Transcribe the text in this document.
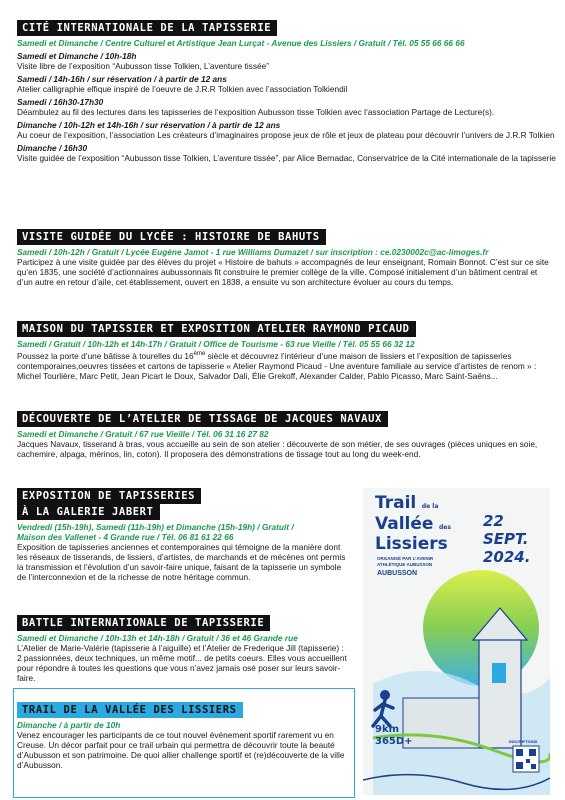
CITÉ INTERNATIONALE DE LA TAPISSERIE
Samedi et Dimanche / Centre Culturel et Artistique Jean Lurçat - Avenue des Lissiers / Gratuit / Tél. 05 55 66 66 66
Samedi et Dimanche / 10h-18h
Visite libre de l’exposition “Aubusson tisse Tolkien, L’aventure tissée”
Samedi / 14h-16h / sur réservation / à partir de 12 ans
Atelier calligraphie elfique inspiré de l’oeuvre de J.R.R Tolkien avec l’association Tolkiendil
Samedi / 16h30-17h30
Déambulez au fil des lectures dans les tapisseries de l’exposition Aubusson tisse Tolkien avec l’association Partage de Lecture(s).
Dimanche / 10h-12h et 14h-16h / sur réservation / à partir de 12 ans
Au coeur de l’exposition, l’association Les créateurs d’imaginaires propose jeux de rôle et jeux de plateau pour découvrir l’univers de J.R.R Tolkien
Dimanche / 16h30
Visite guidée de l’exposition “Aubusson tisse Tolkien, L’aventure tissée”, par Alice Bernadac, Conservatrice de la Cité internationale de la tapisserie
VISITE GUIDÉE DU LYCÉE : HISTOIRE DE BAHUTS
Samedi / 10h-12h / Gratuit / Lycée Eugène Jamot - 1 rue Williams Dumazet / sur inscription : ce.0230002c@ac-limoges.fr
Participez à une visite guidée par des élèves du projet « Histoire de bahuts » accompagnés de leur enseignant, Romain Bonnot. C’est sur ce site qu’en 1835, une société d’actionnaires aubussonnais fit construire le premier collège de la ville. Composé initialement d’un bâtiment central et d’un autre en retour d’aile, cet établissement, ouvert en 1838, a ensuite vu son architecture évoluer au cours du temps.
MAISON DU TAPISSIER ET EXPOSITION ATELIER RAYMOND PICAUD
Samedi / Gratuit / 10h-12h et 14h-17h / Gratuit / Office de Tourisme - 63 rue Vieille / Tél. 05 55 66 32 12
Poussez la porte d’une bâtisse à tourelles du 16ème siècle et découvrez l’intérieur d’une maison de lissiers et l’exposition de tapisseries contemporaines,oeuvres tissées et cartons de tapisserie « Atelier Raymond Picaud - Une aventure familiale au service d’artistes de renom » : Michel Tourlière, Marc Petit, Jean Picart le Doux, Salvador Dali, Élie Grekoff, Alexander Calder, Pablo Picasso, Marc Saint-Saëns...
DÉCOUVERTE DE L’ATELIER DE TISSAGE DE JACQUES NAVAUX
Samedi et Dimanche / Gratuit / 67 rue Vieille / Tél. 06 31 16 27 82
Jacques Navaux, tisserand à bras, vous accueille au sein de son atelier : découverte de son métier, de ses ouvrages (pièces uniques en soie, cachemire, alpaga, mérinos, lin, coton). Il proposera des démonstrations de tissage tout au long du week-end.
EXPOSITION DE TAPISSERIES
À LA GALERIE JABERT
Vendredi (15h-19h), Samedi (11h-19h) et Dimanche (15h-19h) / Gratuit /
Maison des Vallenet - 4 Grande rue / Tél. 06 81 61 22 66
Exposition de tapisseries anciennes et contemporaines qui témoigne de la manière dont les réseaux de tisserands, de lissiers, d’artistes, de marchands et de mécènes ont permis la transmission et l’évolution d’un savoir-faire unique, faisant de la tapisserie un symbole de l’interconnexion et de la richesse de notre héritage commun.
BATTLE INTERNATIONALE DE TAPISSERIE
Samedi et Dimanche / 10h-13h et 14h-18h / Gratuit / 36 et 46 Grande rue
L’Atelier de Marie-Valérie (tapisserie à l’aiguille) et l’Atelier de Frederique Jill (tapisserie) : 2 passionnées, deux techniques, un même motif... de petits coeurs. Elles vous accueillent pour répondre à toutes les questions que vous n’avez jamais osé poser sur leurs savoir-faire.
TRAIL DE LA VALLÉE DES LISSIERS
Dimanche / à partir de 10h
Venez encourager les participants de ce tout nouvel événement sportif rarement vu en Creuse. Un décor parfait pour ce trail urbain qui permettra de découvrir toute la beauté d’Aubusson et son patrimoine. De quoi allier challenge sportif et (re)découverte de la ville d’Aubusson.
Trail de la
Vallée des
Lissiers
ORGANISÉ PAR L’AVENIR ATHLÉTIQUE AUBUSSON
AUBUSSON
22
SEPT.
2024.
9km
365D+	INSCRIPTIONS
